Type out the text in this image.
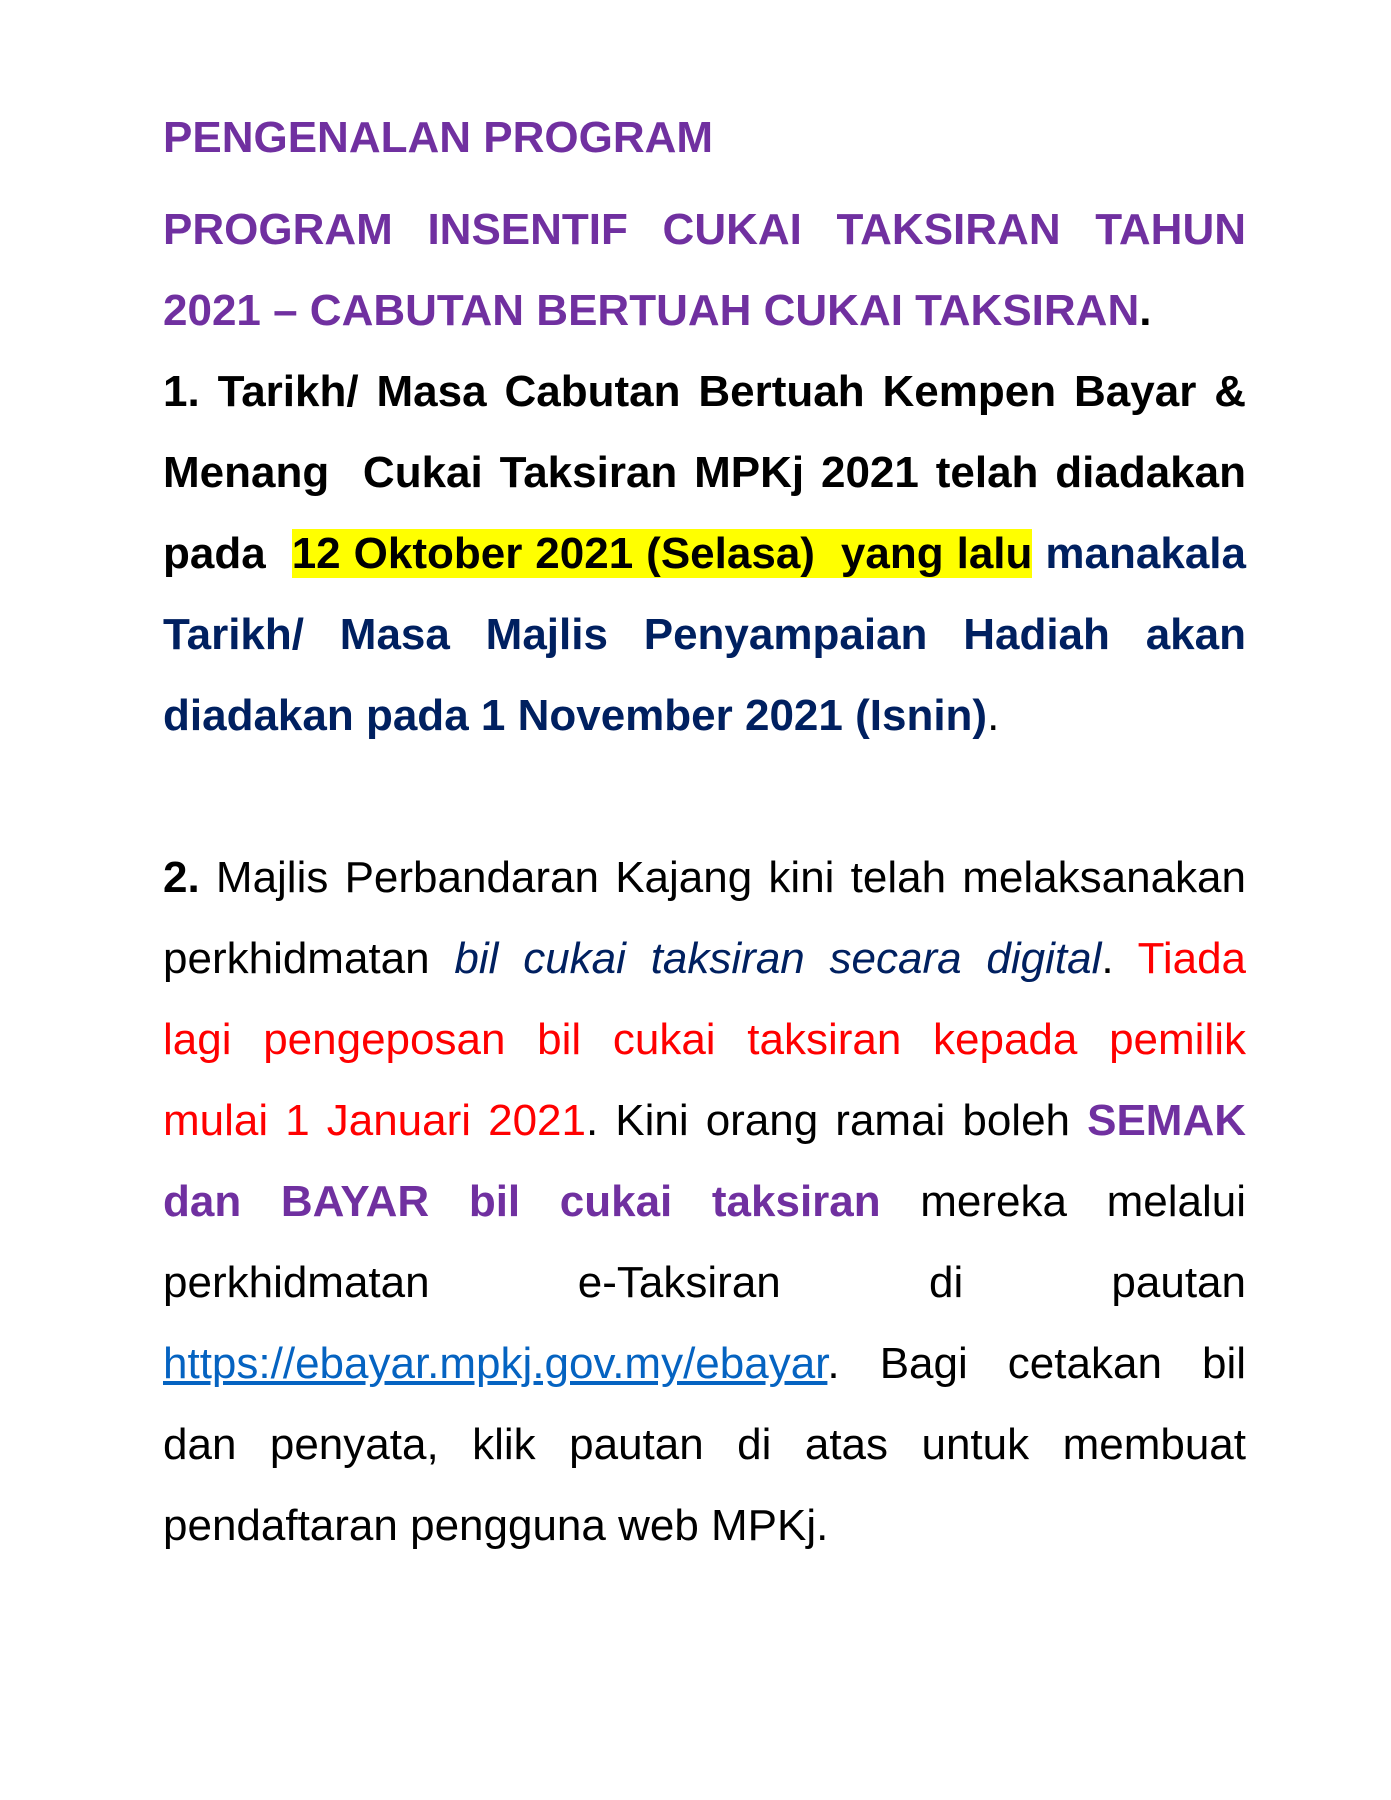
PENGENALAN PROGRAM

PROGRAM INSENTIF CUKAI TAKSIRAN TAHUN 2021 – CABUTAN BERTUAH CUKAI TAKSIRAN.

1. Tarikh/ Masa Cabutan Bertuah Kempen Bayar & Menang  Cukai Taksiran MPKj 2021 telah diadakan pada  12 Oktober 2021 (Selasa)  yang lalu manakala Tarikh/ Masa Majlis Penyampaian Hadiah akan diadakan pada 1 November 2021 (Isnin).

2. Majlis Perbandaran Kajang kini telah melaksanakan perkhidmatan bil cukai taksiran secara digital. Tiada lagi pengeposan bil cukai taksiran kepada pemilik mulai 1 Januari 2021. Kini orang ramai boleh SEMAK dan BAYAR bil cukai taksiran mereka melalui perkhidmatan e-Taksiran di pautan https://ebayar.mpkj.gov.my/ebayar. Bagi cetakan bil dan penyata, klik pautan di atas untuk membuat pendaftaran pengguna web MPKj.
